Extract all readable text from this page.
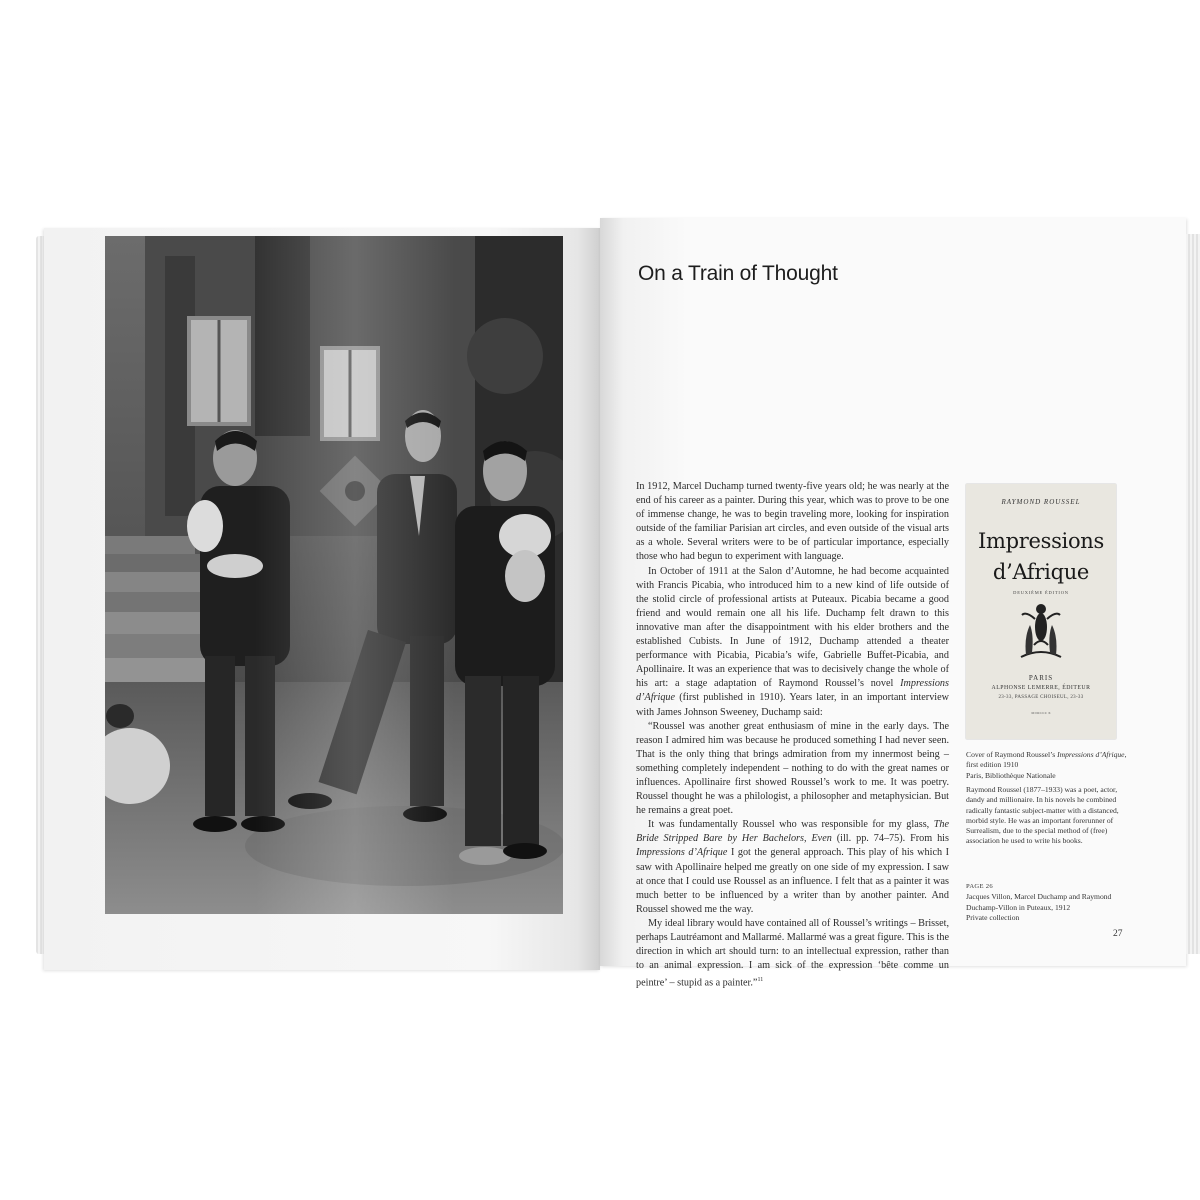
On a Train of Thought

In 1912, Marcel Duchamp turned twenty-five years old; he was nearly at the end of his career as a painter. During this year, which was to prove to be one of immense change, he was to begin traveling more, looking for inspiration outside of the familiar Parisian art circles, and even outside of the visual arts as a whole. Several writers were to be of particular importance, especially those who had begun to experiment with language.

In October of 1911 at the Salon d’Automne, he had become acquainted with Francis Picabia, who introduced him to a new kind of life outside of the stolid circle of professional artists at Puteaux. Picabia became a good friend and would remain one all his life. Duchamp felt drawn to this innovative man after the disappointment with his elder brothers and the established Cubists. In June of 1912, Duchamp attended a theater performance with Picabia, Picabia’s wife, Gabrielle Buffet-Picabia, and Apollinaire. It was an experience that was to decisively change the whole of his art: a stage adaptation of Raymond Roussel’s novel Impressions d’Afrique (first published in 1910). Years later, in an important interview with James Johnson Sweeney, Duchamp said:

“Roussel was another great enthusiasm of mine in the early days. The reason I admired him was because he produced something I had never seen. That is the only thing that brings admiration from my innermost being – something completely independent – nothing to do with the great names or influences. Apollinaire first showed Roussel’s work to me. It was poetry. Roussel thought he was a philologist, a philosopher and metaphysician. But he remains a great poet.

It was fundamentally Roussel who was responsible for my glass, The Bride Stripped Bare by Her Bachelors, Even (ill. pp. 74–75). From his Impressions d’Afrique I got the general approach. This play of his which I saw with Apollinaire helped me greatly on one side of my expression. I saw at once that I could use Roussel as an influence. I felt that as a painter it was much better to be influenced by a writer than by another painter. And Roussel showed me the way.

My ideal library would have contained all of Roussel’s writings – Brisset, perhaps Lautréamont and Mallarmé. Mallarmé was a great figure. This is the direction in which art should turn: to an intellectual expression, rather than to an animal expression. I am sick of the expression ‘bête comme un peintre’ – stupid as a painter.”$^{11}$

RAYMOND ROUSSEL
Impressions
d’Afrique
DEUXIÈME ÉDITION
PARIS
ALPHONSE LEMERRE, ÉDITEUR
23-33, PASSAGE CHOISEUL, 23-33
M DCCCC X
Cover of Raymond Roussel’s Impressions d’Afrique, first edition 1910
Paris, Bibliothèque Nationale
Raymond Roussel (1877–1933) was a poet, actor, dandy and millionaire. In his novels he combined radically fantastic subject-matter with a distanced, morbid style. He was an important forerunner of Surrealism, due to the special method of (free) association he used to write his books.
PAGE 26
Jacques Villon, Marcel Duchamp and Raymond Duchamp-Villon in Puteaux, 1912
Private collection
27
